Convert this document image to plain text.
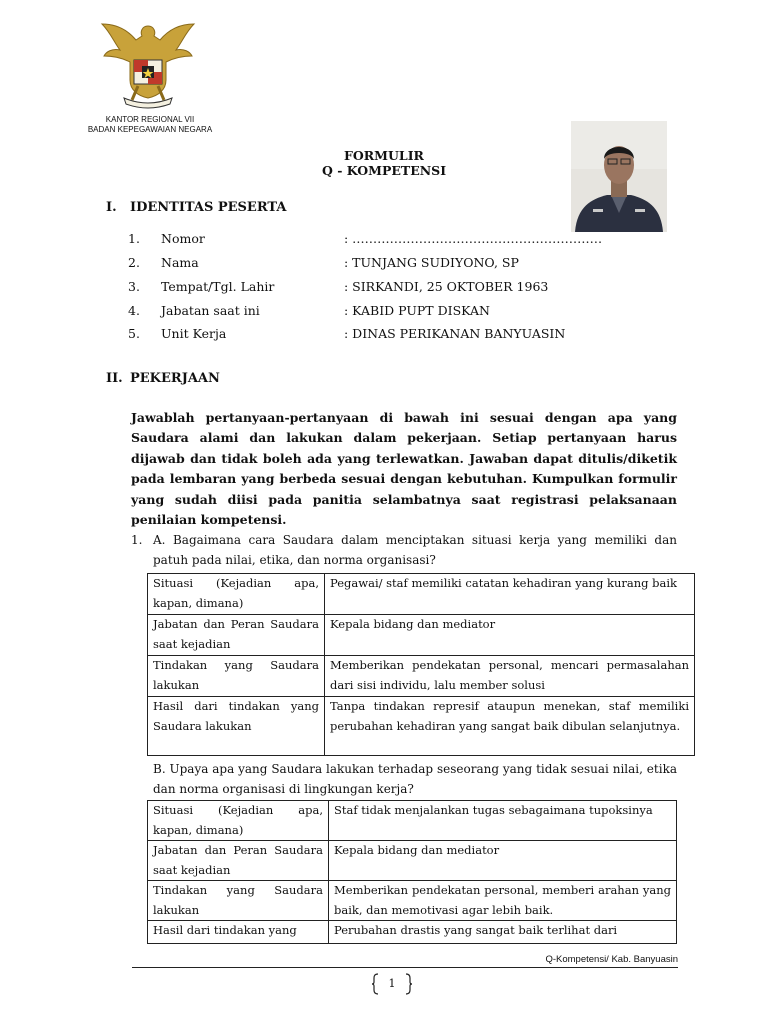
KANTOR REGIONAL VII
BADAN KEPEGAWAIAN NEGARA
FORMULIR
Q - KOMPETENSI
I. IDENTITAS PESERTA
1. Nomor	: ……………………………………………………
2. Nama	: TUNJANG SUDIYONO, SP
3. Tempat/Tgl. Lahir	: SIRKANDI, 25 OKTOBER 1963
4. Jabatan saat ini	: KABID PUPT DISKAN
5. Unit Kerja	: DINAS PERIKANAN BANYUASIN
II. PEKERJAAN
Jawablah pertanyaan-pertanyaan di bawah ini sesuai dengan apa yang Saudara alami dan lakukan dalam pekerjaan. Setiap pertanyaan harus dijawab dan tidak boleh ada yang terlewatkan. Jawaban dapat ditulis/diketik pada lembaran yang berbeda sesuai dengan kebutuhan. Kumpulkan formulir yang sudah diisi pada panitia selambatnya saat registrasi pelaksanaan penilaian kompetensi.
1. A. Bagaimana cara Saudara dalam menciptakan situasi kerja yang memiliki dan patuh pada nilai, etika, dan norma organisasi?
Situasi (Kejadian apa, kapan, dimana)	Pegawai/ staf memiliki catatan kehadiran yang kurang baik
Jabatan dan Peran Saudara saat kejadian	Kepala bidang dan mediator
Tindakan yang Saudara lakukan	Memberikan pendekatan personal, mencari permasalahan dari sisi individu, lalu member solusi
Hasil dari tindakan yang Saudara lakukan	Tanpa tindakan represif ataupun menekan, staf memiliki perubahan kehadiran yang sangat baik dibulan selanjutnya.
B. Upaya apa yang Saudara lakukan terhadap seseorang yang tidak sesuai nilai, etika dan norma organisasi di lingkungan kerja?
Situasi (Kejadian apa, kapan, dimana)	Staf tidak menjalankan tugas sebagaimana tupoksinya
Jabatan dan Peran Saudara saat kejadian	Kepala bidang dan mediator
Tindakan yang Saudara lakukan	Memberikan pendekatan personal, memberi arahan yang baik, dan memotivasi agar lebih baik.
Hasil dari tindakan yang	Perubahan drastis yang sangat baik terlihat dari
Q-Kompetensi/ Kab. Banyuasin
1
